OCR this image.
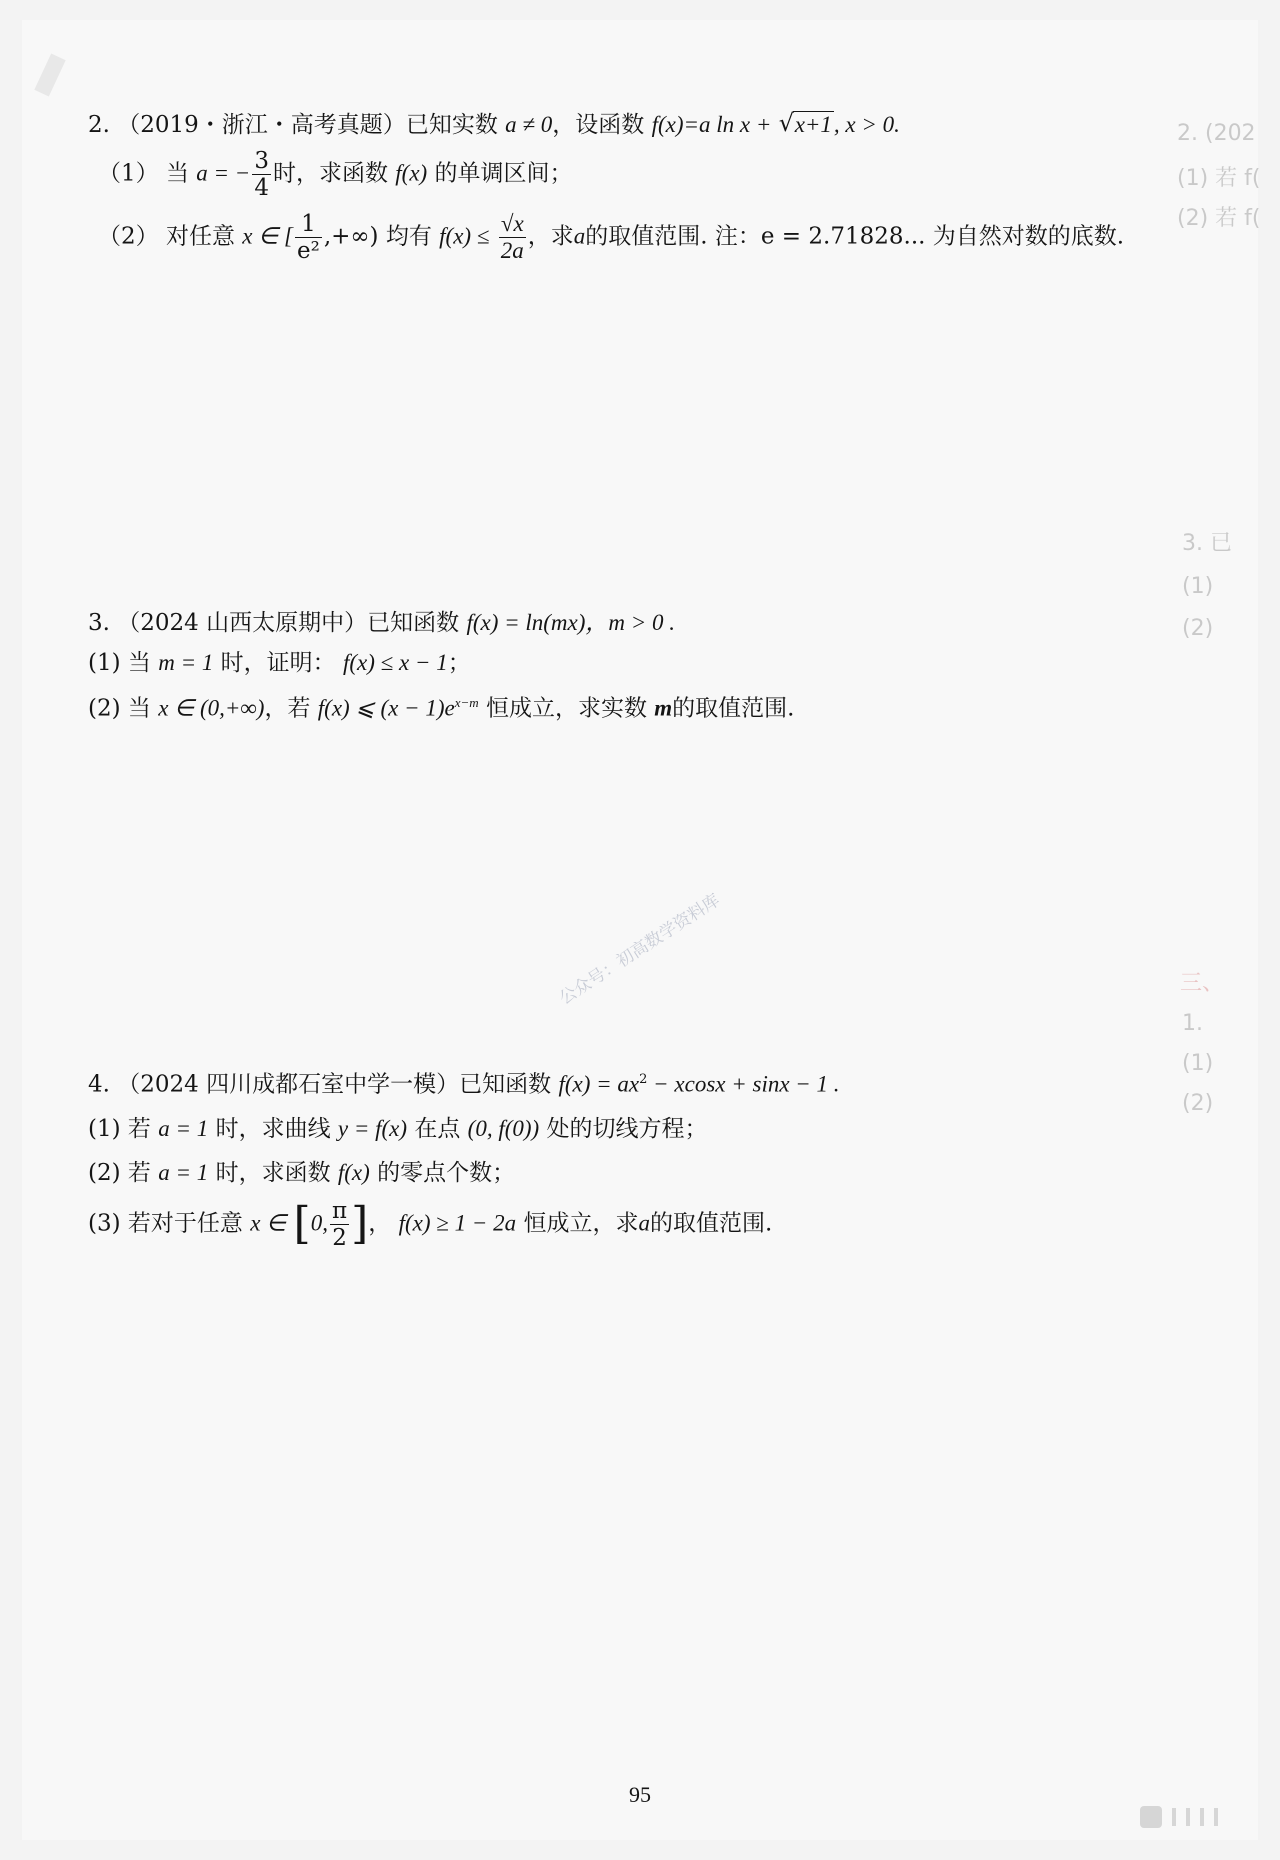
2. (202
(1) 若 f(
(2) 若 f(
3. 已
(1)
(2)
三、
1.
(1)
(2)
2. （2019・浙江・高考真题）已知实数 a ≠ 0，设函数 f(x)=a ln x + √ x+1, x > 0.
（1） 当 a = − $\frac{3}{4}$ 时，求函数 f(x) 的单调区间；
（2） 对任意 x ∈ [ $\frac{1}{\text{e²}}$ ,+∞) 均有 $f(x) \le \frac{√x}{2a}$ ，求a的取值范围. 注：e = 2.71828... 为自然对数的底数.
3. （2024 山西太原期中）已知函数 f(x) = ln(mx)，m > 0 .
(1) 当 m = 1 时，证明： f(x) ≤ x − 1；
(2) 当 x ∈ (0,+∞)，若 f(x) ⩽ $(x - 1)e^{x-m}$ 恒成立，求实数 m的取值范围.
公众号：初高数学资料库
4. （2024 四川成都石室中学一模）已知函数 $f(x) = ax^2 - xcosx + \sin x - 1$ .
(1) 若 a = 1 时，求曲线 y = f(x) 在点 (0, f(0)) 处的切线方程；
(2) 若 a = 1 时，求函数 f(x) 的零点个数；
(3) 若对于任意 x ∈ [0, $\frac{\pi}{2}$ ]， f(x) ≥ 1 − 2a 恒成立，求a的取值范围.
95
